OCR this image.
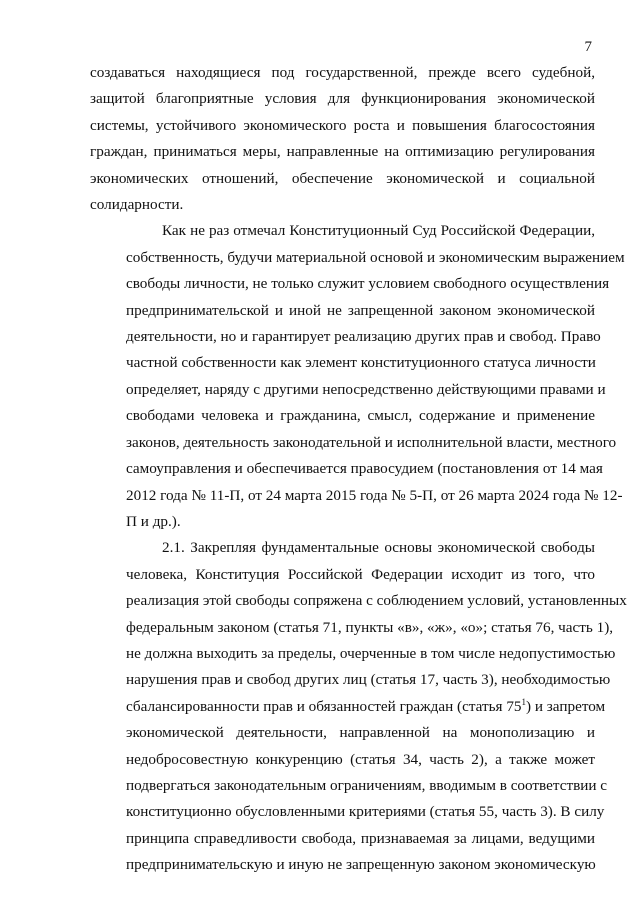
7
создаваться находящиеся под государственной, прежде всего судебной,
защитой благоприятные условия для функционирования экономической
системы, устойчивого экономического роста и повышения благосостояния
граждан, приниматься меры, направленные на оптимизацию регулирования
экономических отношений, обеспечение экономической и социальной
солидарности.
Как не раз отмечал Конституционный Суд Российской Федерации,
собственность, будучи материальной основой и экономическим выражением
свободы личности, не только служит условием свободного осуществления
предпринимательской и иной не запрещенной законом экономической
деятельности, но и гарантирует реализацию других прав и свобод. Право
частной собственности как элемент конституционного статуса личности
определяет, наряду с другими непосредственно действующими правами и
свободами человека и гражданина, смысл, содержание и применение
законов, деятельность законодательной и исполнительной власти, местного
самоуправления и обеспечивается правосудием (постановления от 14 мая
2012 года № 11-П, от 24 марта 2015 года № 5-П, от 26 марта 2024 года № 12-
П и др.).
2.1. Закрепляя фундаментальные основы экономической свободы
человека, Конституция Российской Федерации исходит из того, что
реализация этой свободы сопряжена с соблюдением условий, установленных
федеральным законом (статья 71, пункты «в», «ж», «о»; статья 76, часть 1),
не должна выходить за пределы, очерченные в том числе недопустимостью
нарушения прав и свобод других лиц (статья 17, часть 3), необходимостью
сбалансированности прав и обязанностей граждан (статья $75^1$) и запретом
экономической деятельности, направленной на монополизацию и
недобросовестную конкуренцию (статья 34, часть 2), а также может
подвергаться законодательным ограничениям, вводимым в соответствии с
конституционно обусловленными критериями (статья 55, часть 3). В силу
принципа справедливости свобода, признаваемая за лицами, ведущими
предпринимательскую и иную не запрещенную законом экономическую
